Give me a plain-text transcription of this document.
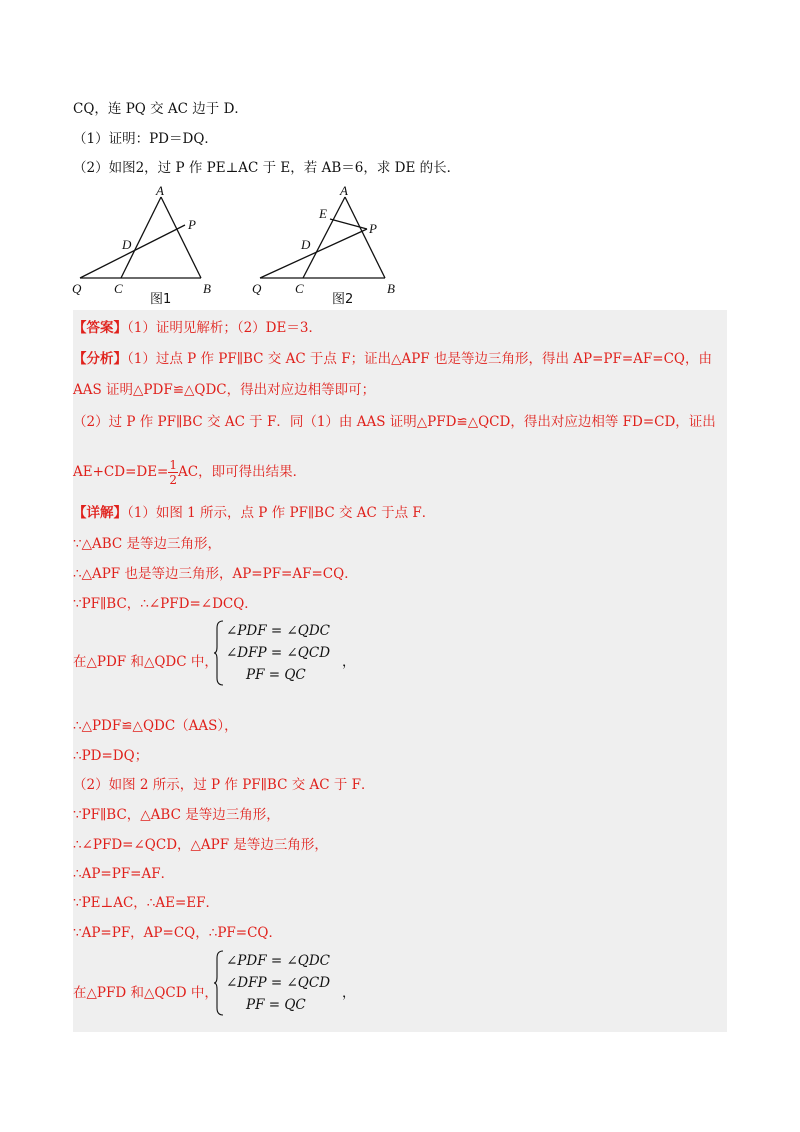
CQ，连 PQ 交 AC 边于 D．
（1）证明：PD＝DQ．
（2）如图2，过 P 作 PE⊥AC 于 E，若 AB＝6，求 DE 的长．
A
P
D
Q	C	B
图1
A
E
P
D
Q	C	B
图2
【答案】（1）证明见解析；（2）DE＝3．
【分析】（1）过点 P 作 PF∥BC 交 AC 于点 F；证出△APF 也是等边三角形，得出 AP=PF=AF=CQ，由
AAS 证明△PDF≌△QDC，得出对应边相等即可；
（2）过 P 作 PF∥BC 交 AC 于 F．同（1）由 AAS 证明△PFD≌△QCD，得出对应边相等 FD=CD，证出
$AE+CD=DE= \frac{1}{2}$ AC，即可得出结果．
【详解】（1）如图 1 所示，点 P 作 PF∥BC 交 AC 于点 F．
∵△ABC 是等边三角形，
∴△APF 也是等边三角形，AP=PF=AF=CQ．
∵PF∥BC，∴∠PFD=∠DCQ．
在△PDF 和△QDC 中，
∠PDF = ∠QDC
∠DFP = ∠QCD
PF = QC
，
∴△PDF≌△QDC（AAS），
∴PD=DQ；
（2）如图 2 所示，过 P 作 PF∥BC 交 AC 于 F．
∵PF∥BC，△ABC 是等边三角形，
∴∠PFD=∠QCD，△APF 是等边三角形，
∴AP=PF=AF．
∵PE⊥AC，∴AE=EF．
∵AP=PF，AP=CQ，∴PF=CQ．
在△PFD 和△QCD 中，
∠PDF = ∠QDC
∠DFP = ∠QCD
PF = QC
，
